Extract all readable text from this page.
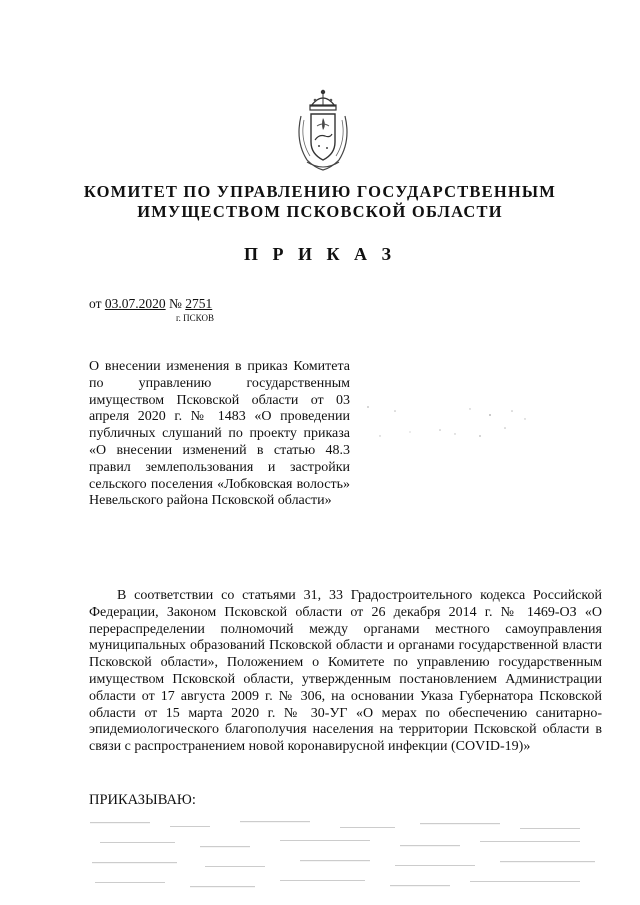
КОМИТЕТ ПО УПРАВЛЕНИЮ ГОСУДАРСТВЕННЫМ
ИМУЩЕСТВОМ ПСКОВСКОЙ ОБЛАСТИ
П Р И К А З
от 03.07.2020 № 2751
г. ПСКОВ
О внесении изменения в приказ Комитета по управлению государственным имуществом Псковской области от 03 апреля 2020 г. № 1483 «О проведении публичных слушаний по проекту приказа «О внесении изменений в статью 48.3 правил землепользования и застройки сельского поселения «Лобковская волость» Невельского района Псковской области»
В соответствии со статьями 31, 33 Градостроительного кодекса Российской Федерации, Законом Псковской области от 26 декабря 2014 г. № 1469-ОЗ «О перераспределении полномочий между органами местного самоуправления муниципальных образований Псковской области и органами государственной власти Псковской области», Положением о Комитете по управлению государственным имуществом Псковской области, утвержденным постановлением Администрации области от 17 августа 2009 г. № 306, на основании Указа Губернатора Псковской области от 15 марта 2020 г. № 30-УГ «О мерах по обеспечению санитарно-эпидемиологического благополучия населения на территории Псковской области в связи с распространением новой коронавирусной инфекции (COVID-19)»
ПРИКАЗЫВАЮ:
